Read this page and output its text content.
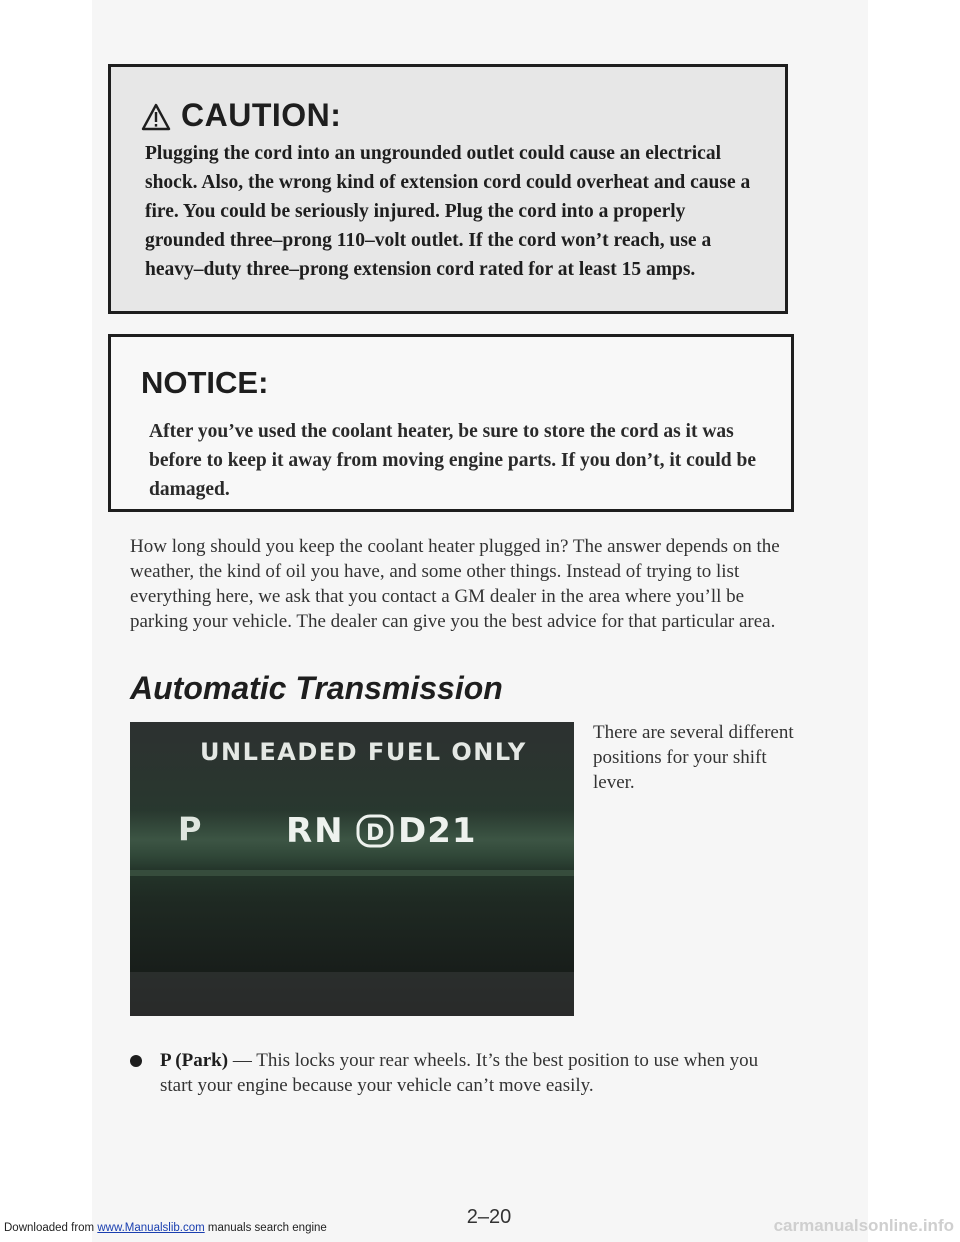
CAUTION:
Plugging the cord into an ungrounded outlet could cause an electrical shock. Also, the wrong kind of extension cord could overheat and cause a fire. You could be seriously injured. Plug the cord into a properly grounded three–prong 110–volt outlet. If the cord won’t reach, use a heavy–duty three–prong extension cord rated for at least 15 amps.
NOTICE:
After you’ve used the coolant heater, be sure to store the cord as it was before to keep it away from moving engine parts. If you don’t, it could be damaged.
How long should you keep the coolant heater plugged in? The answer depends on the weather, the kind of oil you have, and some other things. Instead of trying to list everything here, we ask that you contact a GM dealer in the area where you’ll be parking your vehicle. The dealer can give you the best advice for that particular area.
Automatic Transmission
UNLEADED FUEL ONLY
P RN D D21
There are several different positions for your shift lever.
P (Park) — This locks your rear wheels. It’s the best position to use when you start your engine because your vehicle can’t move easily.
2–20
Downloaded from www.Manualslib.com manuals search engine	carmanualsonline.info
